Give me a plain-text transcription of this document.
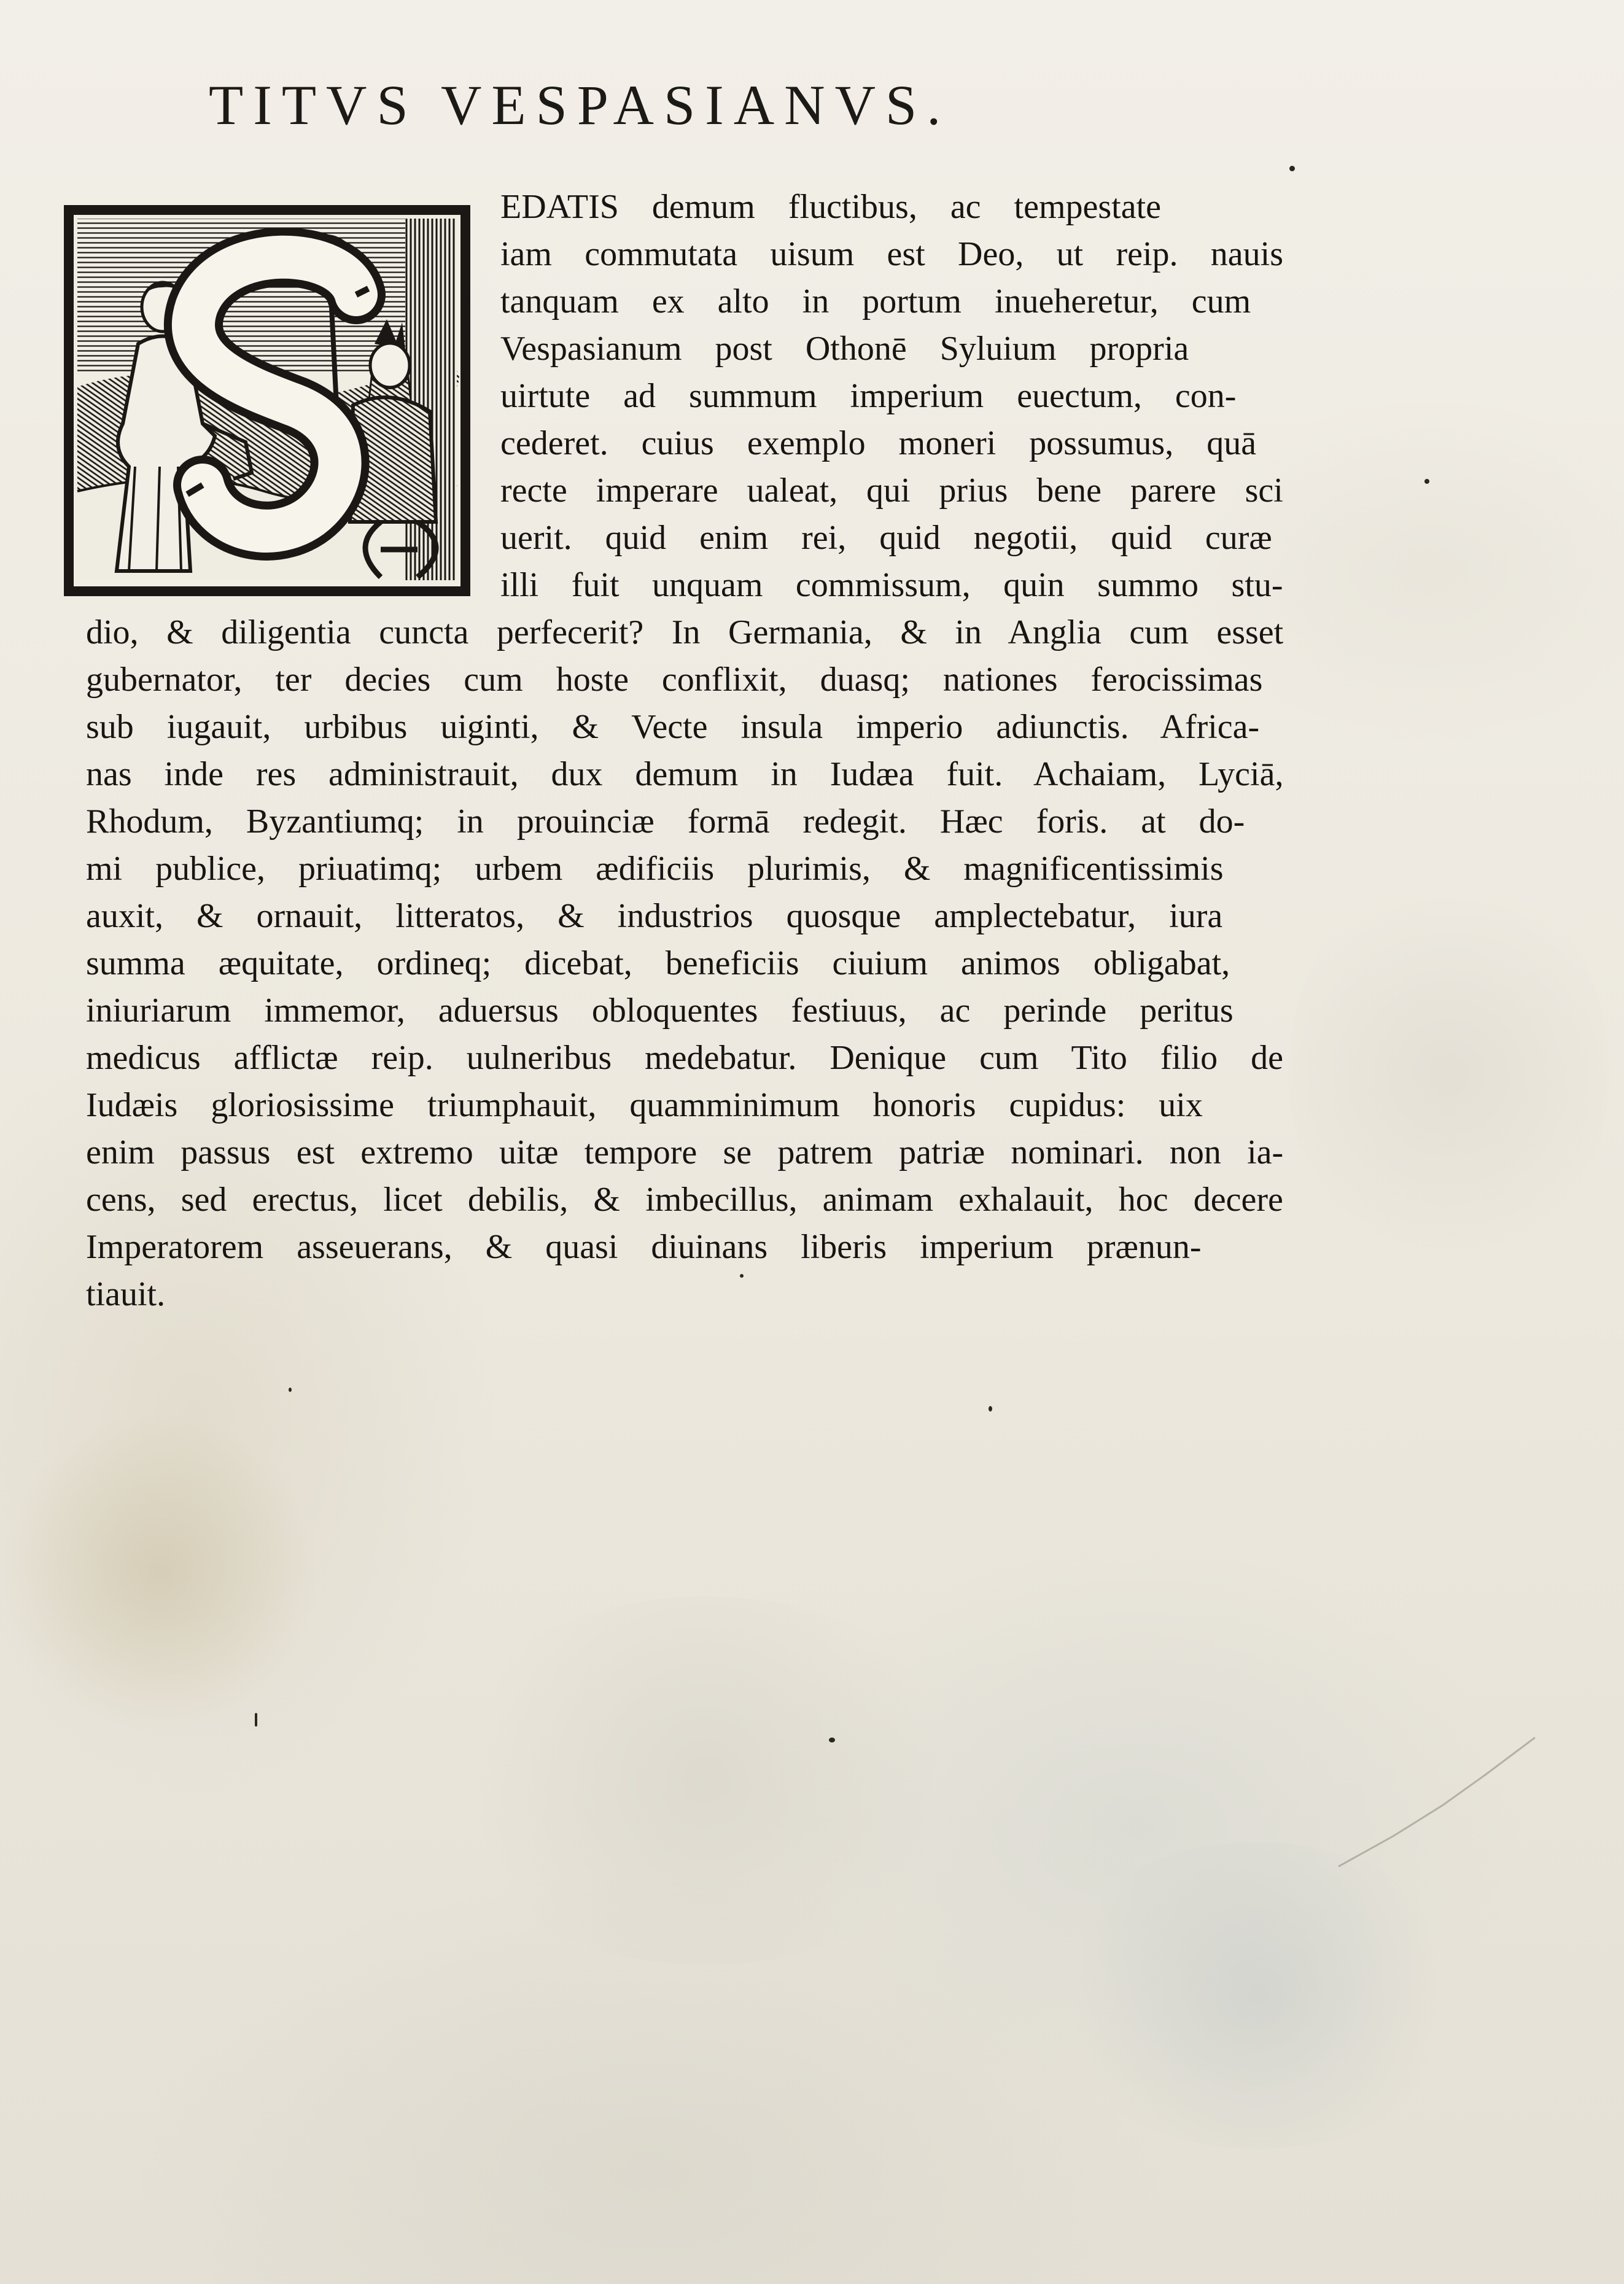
TITVS VESPASIANVS.
EDATIS demum fluctibus, ac tempestate
iam commutata uisum est Deo, ut reip. nauis
tanquam ex alto in portum inueheretur, cum
Vespasianum post Othonē Syluium propria
uirtute ad summum imperium euectum, con-
cederet. cuius exemplo moneri possumus, quā
recte imperare ualeat, qui prius bene parere sci
uerit. quid enim rei, quid negotii, quid curæ
illi fuit unquam commissum, quin summo stu-
dio, & diligentia cuncta perfecerit? In Germania, & in Anglia cum esset
gubernator, ter decies cum hoste conflixit, duasq; nationes ferocissimas
sub iugauit, urbibus uiginti, & Vecte insula imperio adiunctis. Africa-
nas inde res administrauit, dux demum in Iudæa fuit. Achaiam, Lyciā,
Rhodum, Byzantiumq; in prouinciæ formā redegit. Hæc foris. at do-
mi publice, priuatimq; urbem ædificiis plurimis, & magnificentissimis
auxit, & ornauit, litteratos, & industrios quosque amplectebatur, iura
summa æquitate, ordineq; dicebat, beneficiis ciuium animos obligabat,
iniuriarum immemor, aduersus obloquentes festiuus, ac perinde peritus
medicus afflictæ reip. uulneribus medebatur. Denique cum Tito filio de
Iudæis gloriosissime triumphauit, quamminimum honoris cupidus: uix
enim passus est extremo uitæ tempore se patrem patriæ nominari. non ia-
cens, sed erectus, licet debilis, & imbecillus, animam exhalauit, hoc decere
Imperatorem asseuerans, & quasi diuinans liberis imperium prænun-
tiauit.
